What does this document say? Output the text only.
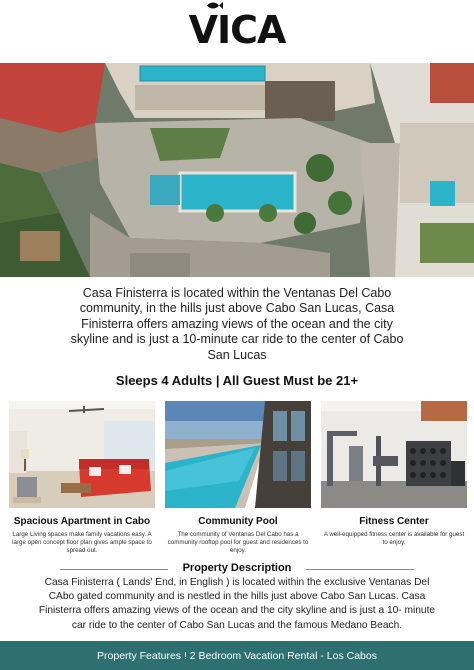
VICA
Casa Finisterra is located within the Ventanas Del Cabo community, in the hills just above Cabo San Lucas, Casa Finisterra offers amazing views of the ocean and the city skyline and is just a 10-minute car ride to the center of Cabo San Lucas
Sleeps 4 Adults | All Guest Must be 21+
Spacious Apartment in Cabo	Community Pool	Fitness Center
Large Living spaces make family vacations easy. A large open concept floor plan gives ample space to spread out.
The community of Ventanas Del Cabo has a community rooftop pool for guest and residences to enjoy.
A well-equipped fitness center is available for guest to enjoy.
Property Description
Casa Finisterra ( Lands' End, in English ) is located within the exclusive Ventanas Del CAbo gated community and is nestled in the hills just above Cabo San Lucas. Casa Finisterra offers amazing views of the ocean and the city skyline and is just a 10- minute car ride to the center of Cabo San Lucas and the famous Medano Beach.
Property Features ! 2 Bedroom Vacation Rental - Los Cabos
